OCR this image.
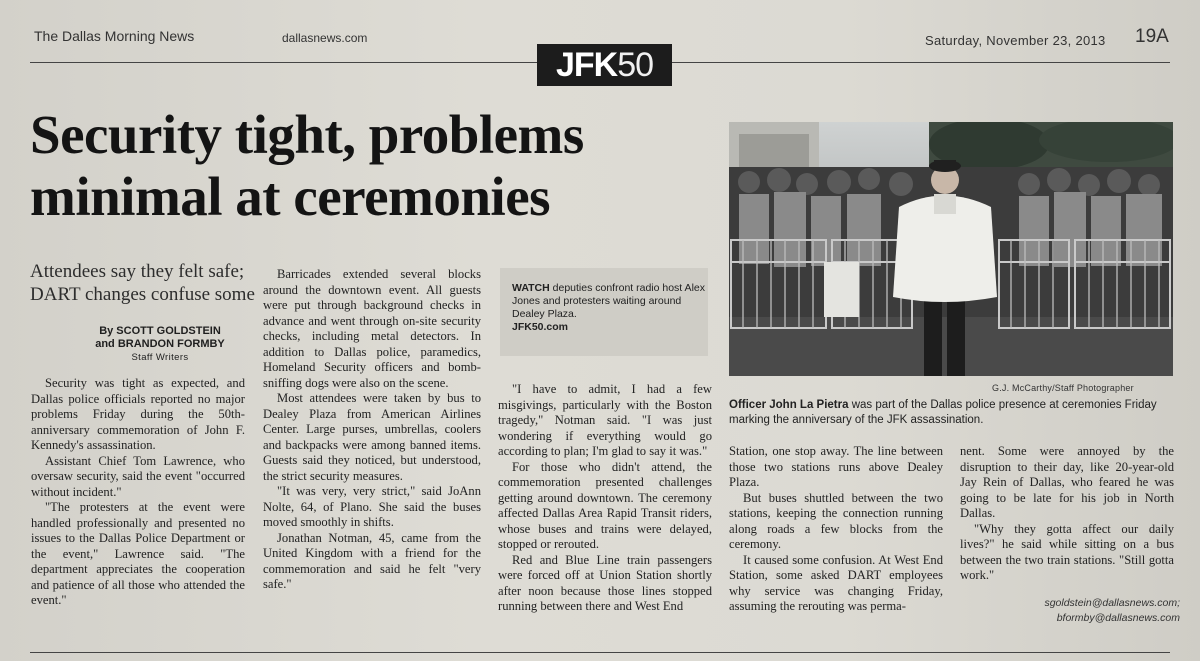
The Dallas Morning News	dallasnews.com	Saturday, November 23, 2013 19A
JFK 50
Security tight, problems
minimal at ceremonies
Attendees say they felt safe;
DART changes confuse some
By SCOTT GOLDSTEIN
and BRANDON FORMBY
Staff Writers

Security was tight as expected, and Dallas police officials reported no major problems Friday during the 50th-anniversary commemoration of John F. Kennedy's assassination.

Assistant Chief Tom Lawrence, who oversaw security, said the event "occurred without incident."

"The protesters at the event were handled professionally and presented no issues to the Dallas Police Department or the event," Lawrence said. "The department appreciates the cooperation and patience of all those who attended the event."

Barricades extended several blocks around the downtown event. All guests were put through background checks in advance and went through on-site security checks, including metal detectors. In addition to Dallas police, paramedics, Homeland Security officers and bomb-sniffing dogs were also on the scene.

Most attendees were taken by bus to Dealey Plaza from American Airlines Center. Large purses, umbrellas, coolers and backpacks were among banned items. Guests said they noticed, but understood, the strict security measures.

"It was very, very strict," said JoAnn Nolte, 64, of Plano. She said the buses moved smoothly in shifts.

Jonathan Notman, 45, came from the United Kingdom with a friend for the commemoration and said he felt "very safe."

WATCH deputies confront radio host Alex Jones and protesters waiting around Dealey Plaza.
JFK50.com

"I have to admit, I had a few misgivings, particularly with the Boston tragedy," Notman said. "I was just wondering if everything would go according to plan; I'm glad to say it was."

For those who didn't attend, the commemoration presented challenges getting around downtown. The ceremony affected Dallas Area Rapid Transit riders, whose buses and trains were delayed, stopped or rerouted.

Red and Blue Line train passengers were forced off at Union Station shortly after noon because those lines stopped running between there and West End

G.J. McCarthy/Staff Photographer
Officer John La Pietra was part of the Dallas police presence at ceremonies Friday marking the anniversary of the JFK assassination.

Station, one stop away. The line between those two stations runs above Dealey Plaza.

But buses shuttled between the two stations, keeping the connection running along roads a few blocks from the ceremony.

It caused some confusion. At West End Station, some asked DART employees why service was changing Friday, assuming the rerouting was perma-

nent. Some were annoyed by the disruption to their day, like 20-year-old Jay Rein of Dallas, who feared he was going to be late for his job in North Dallas.

"Why they gotta affect our daily lives?" he said while sitting on a bus between the two train stations. "Still gotta work."

sgoldstein@dallasnews.com;
bformby@dallasnews.com
